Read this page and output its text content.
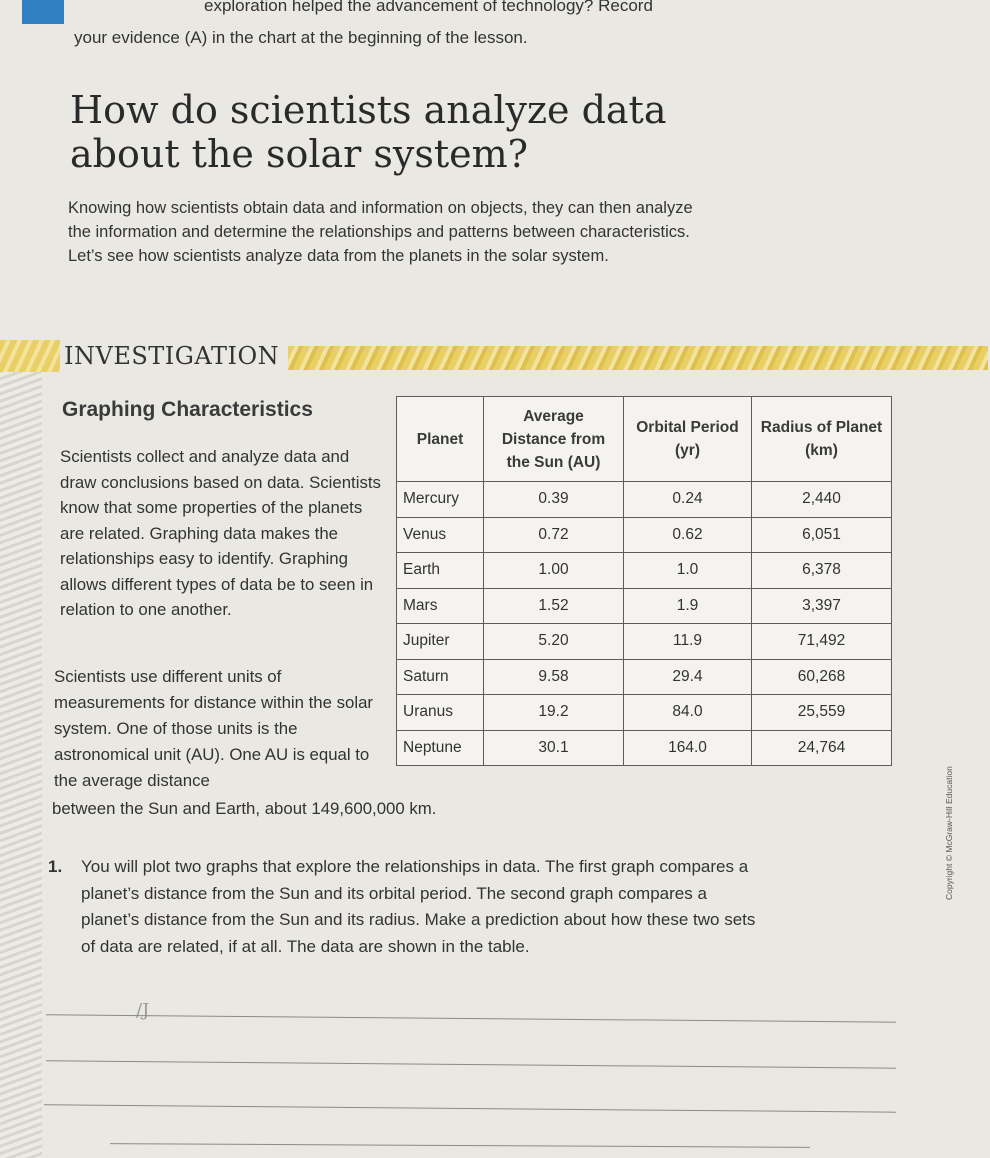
exploration helped the advancement of technology? Record
your evidence (A) in the chart at the beginning of the lesson.
How do scientists analyze data about the solar system?

Knowing how scientists obtain data and information on objects, they can then analyze the information and determine the relationships and patterns between characteristics. Let’s see how scientists analyze data from the planets in the solar system.

INVESTIGATION
Graphing Characteristics

Scientists collect and analyze data and draw conclusions based on data. Scientists know that some properties of the planets are related. Graphing data makes the relationships easy to identify. Graphing allows different types of data be to seen in relation to one another.

Scientists use different units of measurements for distance within the solar system. One of those units is the astronomical unit (AU). One AU is equal to the average distance

between the Sun and Earth, about 149,600,000 km.
Planet	Average Distance from the Sun (AU)	Orbital Period (yr)	Radius of Planet (km)
Mercury	0.39	0.24	2,440
Venus	0.72	0.62	6,051
Earth	1.00	1.0	6,378
Mars	1.52	1.9	3,397
Jupiter	5.20	11.9	71,492
Saturn	9.58	29.4	60,268
Uranus	19.2	84.0	25,559
Neptune	30.1	164.0	24,764
1. You will plot two graphs that explore the relationships in data. The first graph compares a planet’s distance from the Sun and its orbital period. The second graph compares a planet’s distance from the Sun and its radius. Make a prediction about how these two sets of data are related, if at all. The data are shown in the table.
/J
Copyright © McGraw-Hill Education
